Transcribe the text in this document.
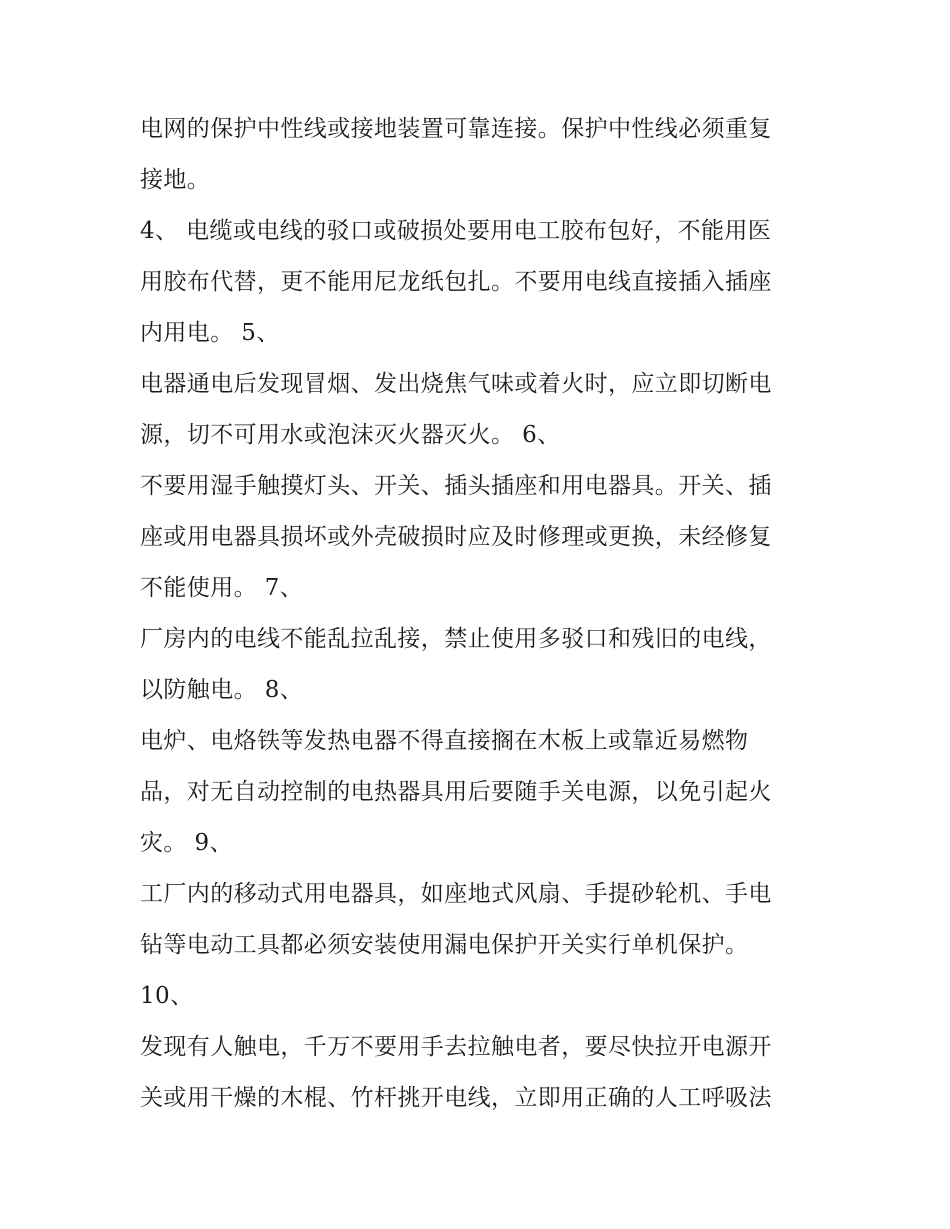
电网的保护中性线或接地装置可靠连接。保护中性线必须重复
接地。
4、 电缆或电线的驳口或破损处要用电工胶布包好，不能用医
用胶布代替，更不能用尼龙纸包扎。不要用电线直接插入插座
内用电。 5、
电器通电后发现冒烟、发出烧焦气味或着火时，应立即切断电
源，切不可用水或泡沫灭火器灭火。 6、
不要用湿手触摸灯头、开关、插头插座和用电器具。开关、插
座或用电器具损坏或外壳破损时应及时修理或更换，未经修复
不能使用。 7、
厂房内的电线不能乱拉乱接，禁止使用多驳口和残旧的电线，
以防触电。 8、
电炉、电烙铁等发热电器不得直接搁在木板上或靠近易燃物
品，对无自动控制的电热器具用后要随手关电源，以免引起火
灾。 9、
工厂内的移动式用电器具，如座地式风扇、手提砂轮机、手电
钻等电动工具都必须安装使用漏电保护开关实行单机保护。
10、
发现有人触电，千万不要用手去拉触电者，要尽快拉开电源开
关或用干燥的木棍、竹杆挑开电线，立即用正确的人工呼吸法
